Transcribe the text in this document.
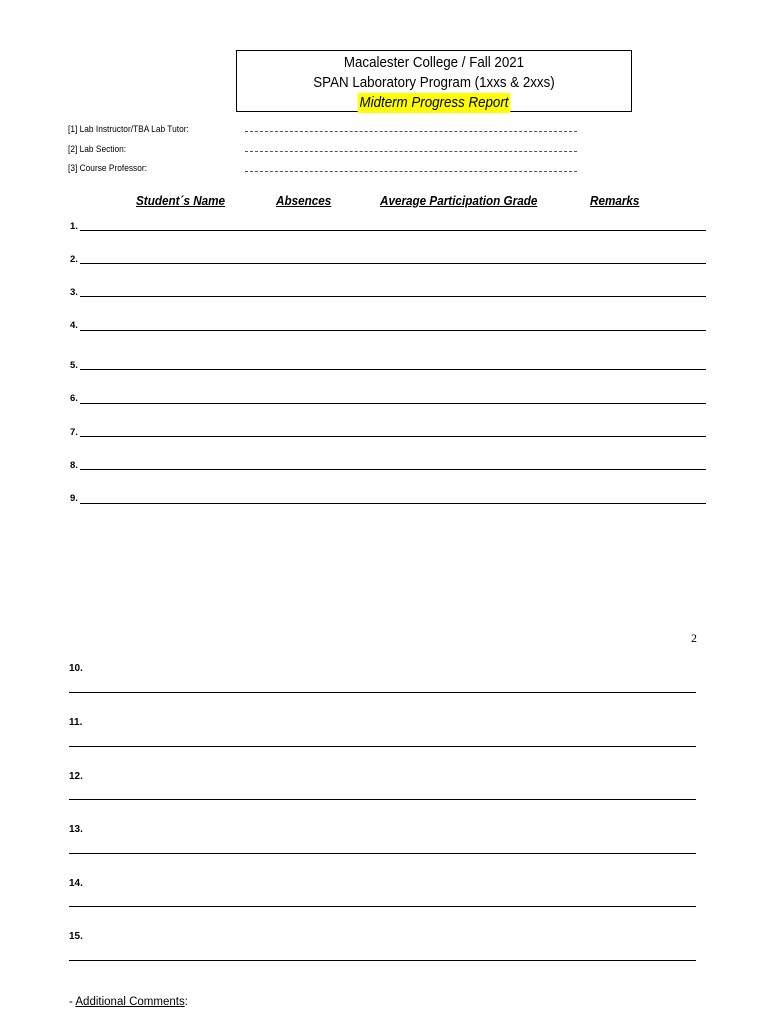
Macalester College / Fall 2021
SPAN Laboratory Program (1xxs & 2xxs)
Midterm Progress Report
[1] Lab Instructor/TBA Lab Tutor:
[2] Lab Section:
[3] Course Professor:
Student´s Name	Absences	Average Participation Grade	Remarks
1.
2.
3.
4.
5.
6.
7.
8.
9.
2
10.
11.
12.
13.
14.
15.
- Additional Comments:
